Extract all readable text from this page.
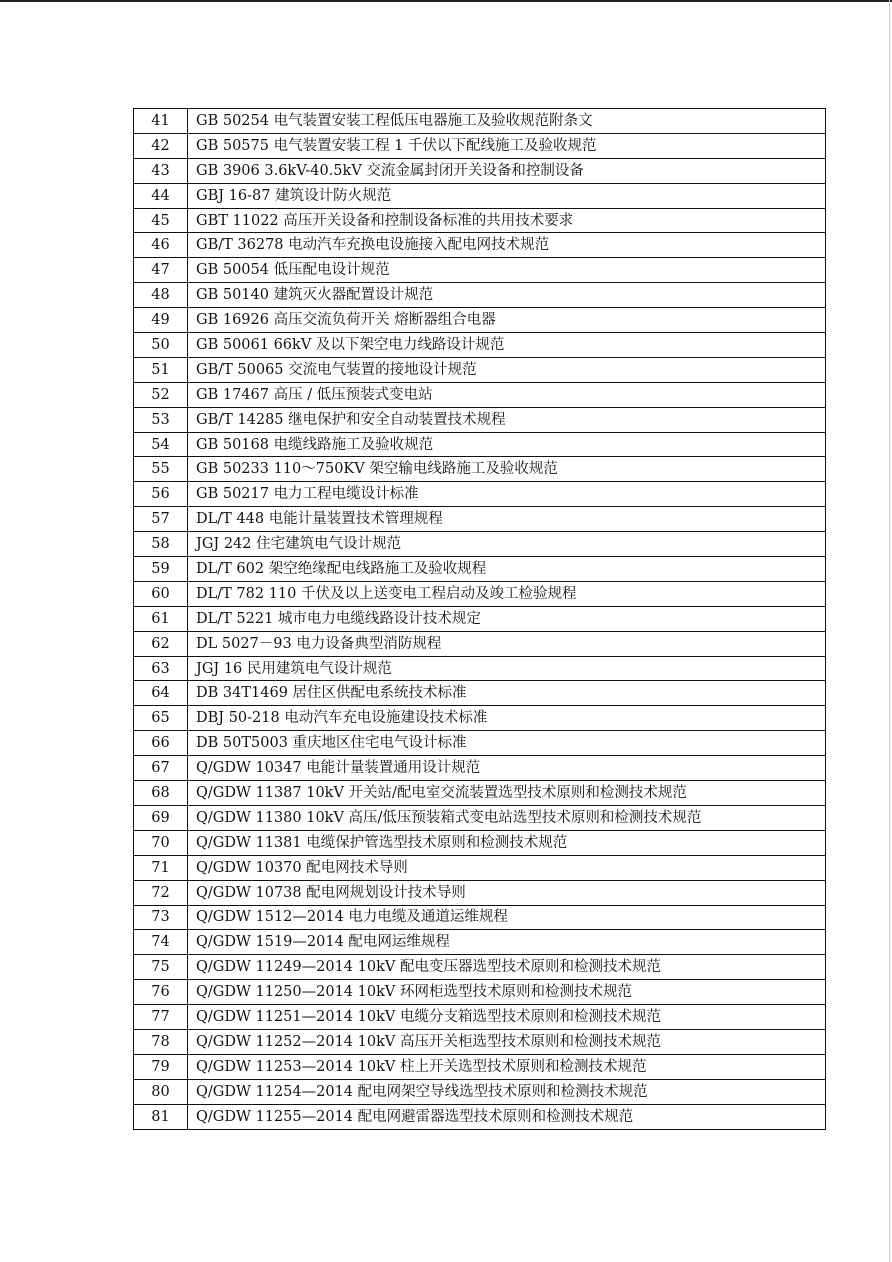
41	GB 50254 电气装置安装工程低压电器施工及验收规范附条文
42	GB 50575 电气装置安装工程 1 千伏以下配线施工及验收规范
43	GB 3906 3.6kV-40.5kV 交流金属封闭开关设备和控制设备
44	GBJ 16-87 建筑设计防火规范
45	GBT 11022 高压开关设备和控制设备标准的共用技术要求
46	GB/T 36278 电动汽车充换电设施接入配电网技术规范
47	GB 50054 低压配电设计规范
48	GB 50140 建筑灭火器配置设计规范
49	GB 16926 高压交流负荷开关 熔断器组合电器
50	GB 50061 66kV 及以下架空电力线路设计规范
51	GB/T 50065 交流电气装置的接地设计规范
52	GB 17467 高压 / 低压预装式变电站
53	GB/T 14285 继电保护和安全自动装置技术规程
54	GB 50168 电缆线路施工及验收规范
55	GB 50233 110～750KV 架空输电线路施工及验收规范
56	GB 50217 电力工程电缆设计标准
57	DL/T 448 电能计量装置技术管理规程
58	JGJ 242 住宅建筑电气设计规范
59	DL/T 602 架空绝缘配电线路施工及验收规程
60	DL/T 782 110 千伏及以上送变电工程启动及竣工检验规程
61	DL/T 5221 城市电力电缆线路设计技术规定
62	DL 5027－93 电力设备典型消防规程
63	JGJ 16 民用建筑电气设计规范
64	DB 34T1469 居住区供配电系统技术标准
65	DBJ 50-218 电动汽车充电设施建设技术标准
66	DB 50T5003 重庆地区住宅电气设计标准
67	Q/GDW 10347 电能计量装置通用设计规范
68	Q/GDW 11387 10kV 开关站/配电室交流装置选型技术原则和检测技术规范
69	Q/GDW 11380 10kV 高压/低压预装箱式变电站选型技术原则和检测技术规范
70	Q/GDW 11381 电缆保护管选型技术原则和检测技术规范
71	Q/GDW 10370 配电网技术导则
72	Q/GDW 10738 配电网规划设计技术导则
73	Q/GDW 1512—2014 电力电缆及通道运维规程
74	Q/GDW 1519—2014 配电网运维规程
75	Q/GDW 11249—2014 10kV 配电变压器选型技术原则和检测技术规范
76	Q/GDW 11250—2014 10kV 环网柜选型技术原则和检测技术规范
77	Q/GDW 11251—2014 10kV 电缆分支箱选型技术原则和检测技术规范
78	Q/GDW 11252—2014 10kV 高压开关柜选型技术原则和检测技术规范
79	Q/GDW 11253—2014 10kV 柱上开关选型技术原则和检测技术规范
80	Q/GDW 11254—2014 配电网架空导线选型技术原则和检测技术规范
81	Q/GDW 11255—2014 配电网避雷器选型技术原则和检测技术规范
